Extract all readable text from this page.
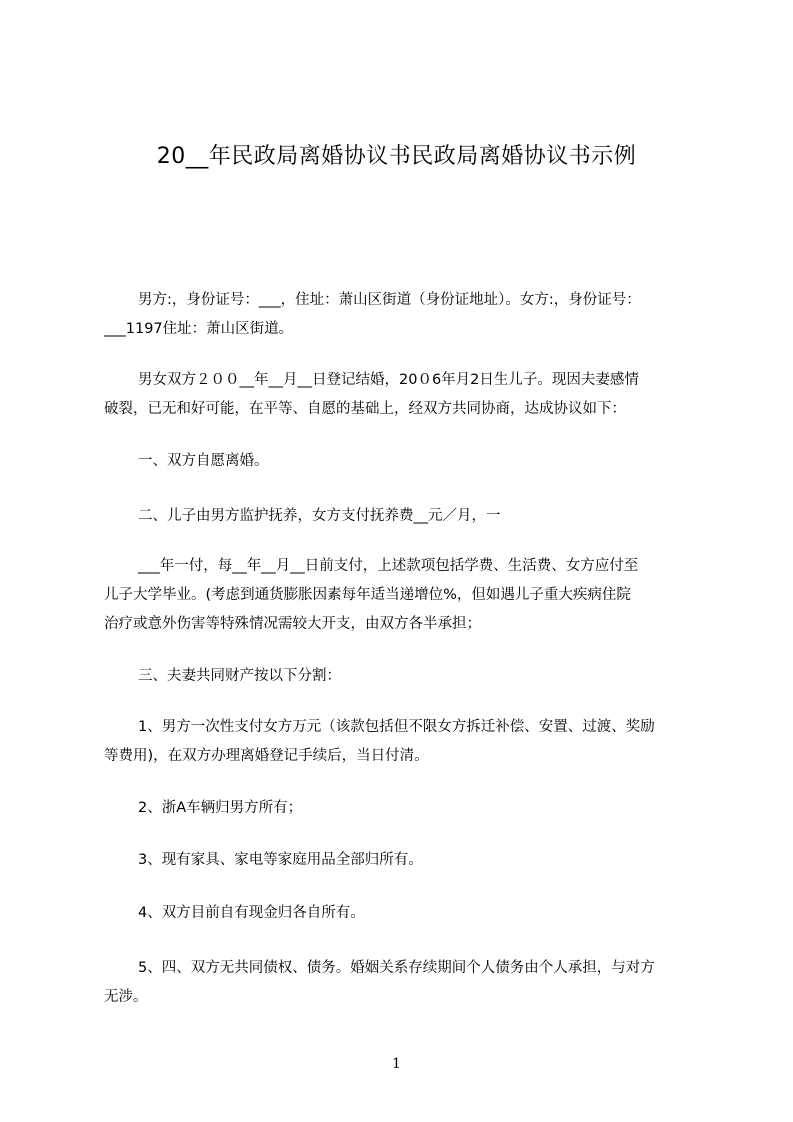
20__年民政局离婚协议书民政局离婚协议书示例
男方:，身份证号：___，住址：萧山区街道（身份证地址）。女方:，身份证号：
___1197住址：萧山区街道。
男女双方２００__年__月__日登记结婚，20０6年月2日生儿子。现因夫妻感情
破裂，已无和好可能，在平等、自愿的基础上，经双方共同协商，达成协议如下：
一、双方自愿离婚。
二、儿子由男方监护抚养，女方支付抚养费__元／月，一
___年一付，每__年__月__日前支付，上述款项包括学费、生活费、女方应付至
儿子大学毕业。(考虑到通货膨胀因素每年适当递增位%，但如遇儿子重大疾病住院
治疗或意外伤害等特殊情况需较大开支，由双方各半承担；
三、夫妻共同财产按以下分割：
1、男方一次性支付女方万元（该款包括但不限女方拆迁补偿、安置、过渡、奖励
等费用)，在双方办理离婚登记手续后，当日付清。
2、浙A车辆归男方所有；
3、现有家具、家电等家庭用品全部归所有。
4、双方目前自有现金归各自所有。
5、四、双方无共同债权、债务。婚姻关系存续期间个人债务由个人承担，与对方
无涉。
1
